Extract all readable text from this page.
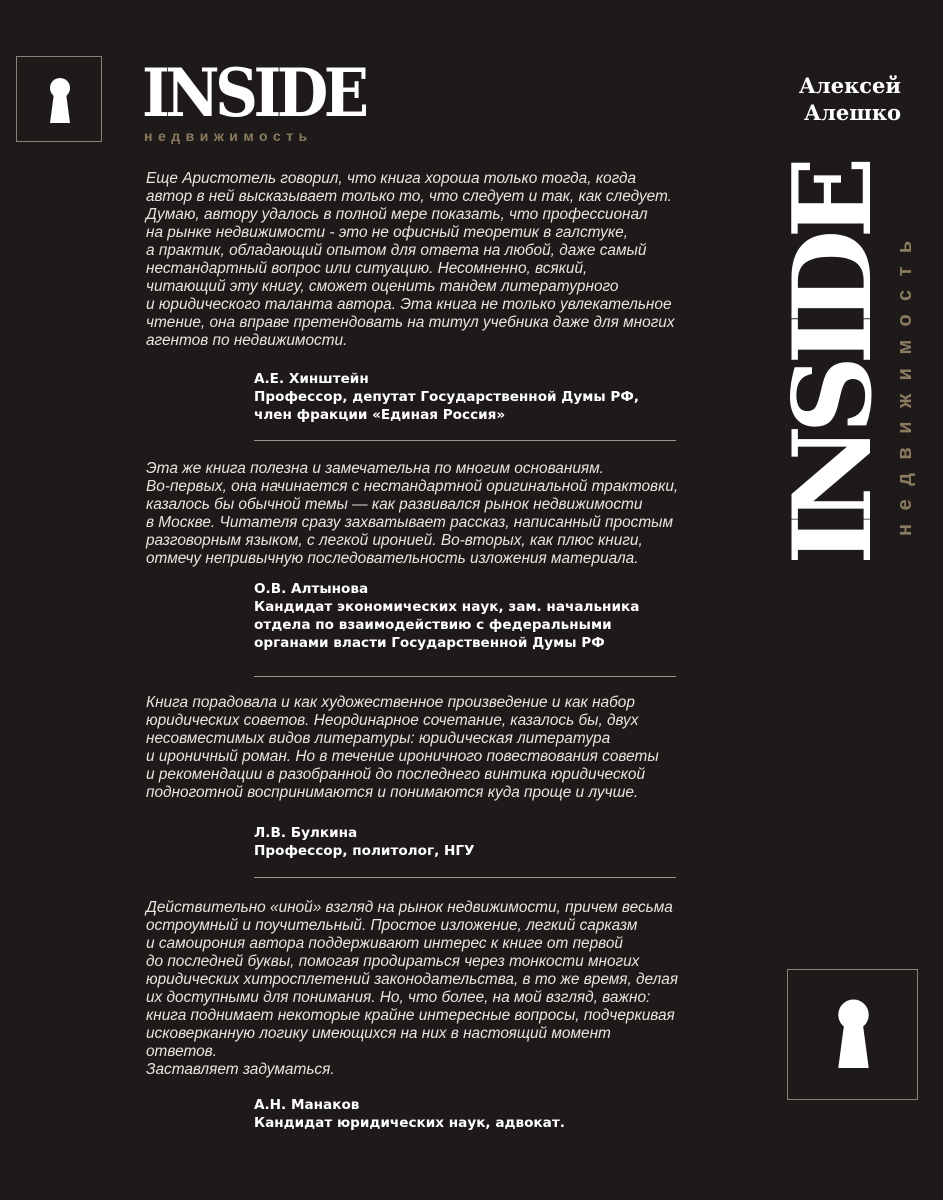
INSIDE
недвижимость
Алексей
Алешко
INSIDE
недвижимость

Еще Аристотель говорил, что книга хороша только тогда, когда
автор в ней высказывает только то, что следует и так, как следует.
Думаю, автору удалось в полной мере показать, что профессионал
на рынке недвижимости - это не офисный теоретик в галстуке,
а практик, обладающий опытом для ответа на любой, даже самый
нестандартный вопрос или ситуацию. Несомненно, всякий,
читающий эту книгу, сможет оценить тандем литературного
и юридического таланта автора. Эта книга не только увлекательное
чтение, она вправе претендовать на титул учебника даже для многих
агентов по недвижимости.

А.Е. Хинштейн
Профессор, депутат Государственной Думы РФ,
член фракции «Единая Россия»

Эта же книга полезна и замечательна по многим основаниям.
Во-первых, она начинается с нестандартной оригинальной трактовки,
казалось бы обычной темы — как развивался рынок недвижимости
в Москве. Читателя сразу захватывает рассказ, написанный простым
разговорным языком, с легкой иронией. Во-вторых, как плюс книги,
отмечу непривычную последовательность изложения материала.

О.В. Алтынова
Кандидат экономических наук, зам. начальника
отдела по взаимодействию с федеральными
органами власти Государственной Думы РФ

Книга порадовала и как художественное произведение и как набор
юридических советов. Неординарное сочетание, казалось бы, двух
несовместимых видов литературы: юридическая литература
и ироничный роман. Но в течение ироничного повествования советы
и рекомендации в разобранной до последнего винтика юридической
подноготной воспринимаются и понимаются куда проще и лучше.

Л.В. Булкина
Профессор, политолог, НГУ

Действительно «иной» взгляд на рынок недвижимости, причем весьма
остроумный и поучительный. Простое изложение, легкий сарказм
и самоирония автора поддерживают интерес к книге от первой
до последней буквы, помогая продираться через тонкости многих
юридических хитросплетений законодательства, в то же время, делая
их доступными для понимания. Но, что более, на мой взгляд, важно:
книга поднимает некоторые крайне интересные вопросы, подчеркивая
исковерканную логику имеющихся на них в настоящий момент ответов.
Заставляет задуматься.

А.Н. Манаков
Кандидат юридических наук, адвокат.
